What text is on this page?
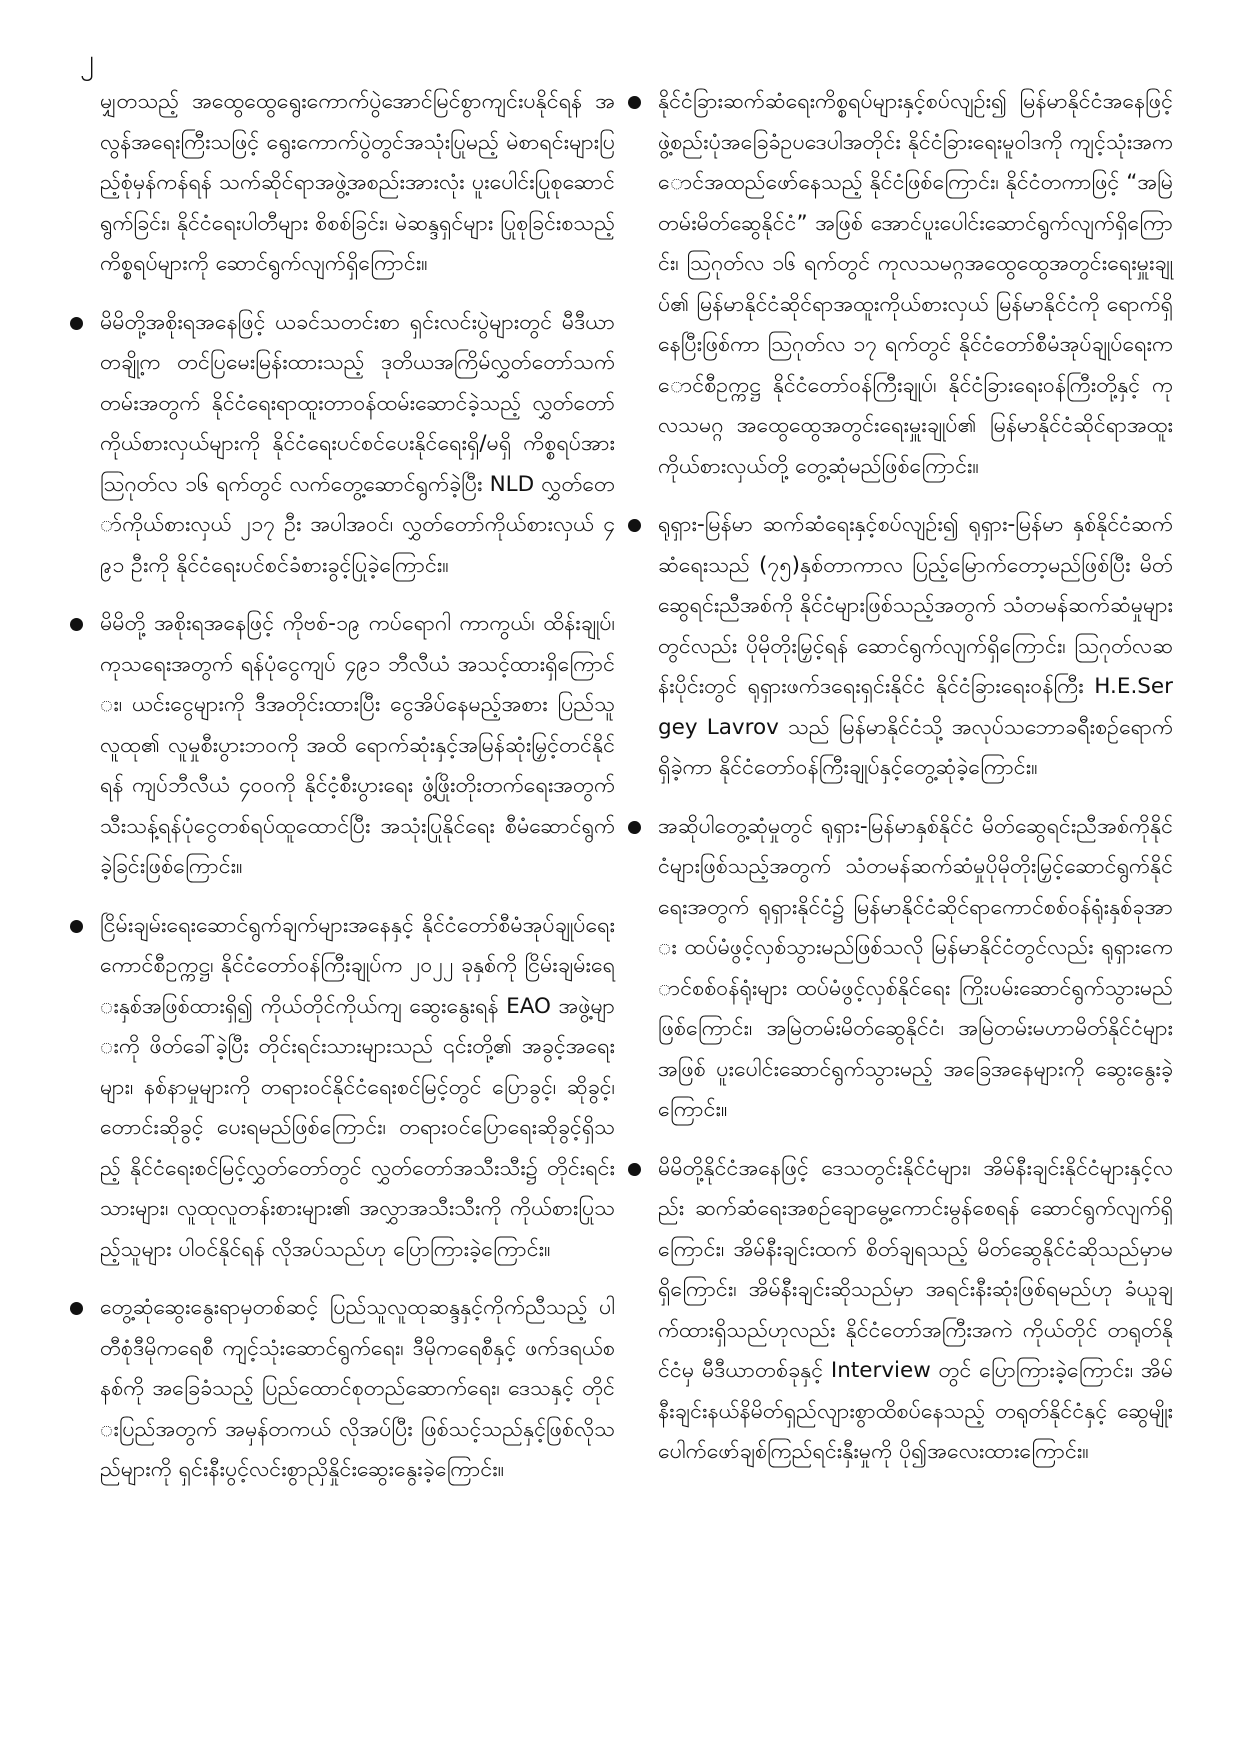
၂
မျှတသည့် အထွေထွေရွေးကောက်ပွဲအောင်မြင်စွာကျင်းပနိုင်ရန် အလွန်အရေးကြီးသဖြင့် ရွေးကောက်ပွဲတွင်အသုံးပြုမည့် မဲစာရင်းများပြည့်စုံမှန်ကန်ရန် သက်ဆိုင်ရာအဖွဲ့အစည်းအားလုံး ပူးပေါင်းပြုစုဆောင်ရွက်ခြင်း၊ နိုင်ငံရေးပါတီများ စိစစ်ခြင်း၊ မဲဆန္ဒရှင်များ ပြုစုခြင်းစသည့်ကိစ္စရပ်များကို ဆောင်ရွက်လျက်ရှိကြောင်း။
မိမိတို့အစိုးရအနေဖြင့် ယခင်သတင်းစာ ရှင်းလင်းပွဲများတွင် မီဒီယာတချို့က တင်ပြမေးမြန်းထားသည့် ဒုတိယအကြိမ်လွှတ်တော်သက်တမ်းအတွက် နိုင်ငံရေးရာထူးတာဝန်ထမ်းဆောင်ခဲ့သည့် လွှတ်တော်ကိုယ်စားလှယ်များကို နိုင်ငံရေးပင်စင်ပေးနိုင်ရေးရှိ/မရှိ ကိစ္စရပ်အား ဩဂုတ်လ ၁၆ ရက်တွင် လက်တွေ့ဆောင်ရွက်ခဲ့ပြီး NLD လွှတ်တော်ကိုယ်စားလှယ် ၂၁၇ ဦး အပါအဝင်၊ လွှတ်တော်ကိုယ်စားလှယ် ၄၉၁ ဦးကို နိုင်ငံရေးပင်စင်ခံစားခွင့်ပြုခဲ့ကြောင်း။
မိမိတို့ အစိုးရအနေဖြင့် ကိုဗစ်-၁၉ ကပ်ရောဂါ ကာကွယ်၊ ထိန်းချုပ်၊ ကုသရေးအတွက် ရန်ပုံငွေကျပ် ၄၉၁ ဘီလီယံ အသင့်ထားရှိကြောင်း၊ ယင်းငွေများကို ဒီအတိုင်းထားပြီး ငွေအိပ်နေမည့်အစား ပြည်သူလူထု၏ လူမှုစီးပွားဘဝကို အထိ ရောက်ဆုံးနှင့်အမြန်ဆုံးမြှင့်တင်နိုင်ရန် ကျပ်ဘီလီယံ ၄၀၀ကို နိုင်ငံ့စီးပွားရေး ဖွံ့ဖြိုးတိုးတက်ရေးအတွက် သီးသန့်ရန်ပုံငွေတစ်ရပ်ထူထောင်ပြီး အသုံးပြုနိုင်ရေး စီမံဆောင်ရွက်ခဲ့ခြင်းဖြစ်ကြောင်း။
ငြိမ်းချမ်းရေးဆောင်ရွက်ချက်များအနေနှင့် နိုင်ငံတော်စီမံအုပ်ချုပ်ရေးကောင်စီဥက္ကဋ္ဌ၊ နိုင်ငံတော်ဝန်ကြီးချုပ်က ၂၀၂၂ ခုနှစ်ကို ငြိမ်းချမ်းရေးနှစ်အဖြစ်ထားရှိ၍ ကိုယ်တိုင်ကိုယ်ကျ ဆွေးနွေးရန် EAO အဖွဲ့များကို ဖိတ်ခေါ်ခဲ့ပြီး တိုင်းရင်းသားများသည် ၎င်းတို့၏ အခွင့်အရေးများ၊ နစ်နာမှုများကို တရားဝင်နိုင်ငံရေးစင်မြင့်တွင် ပြောခွင့်၊ ဆိုခွင့်၊ တောင်းဆိုခွင့် ပေးရမည်ဖြစ်ကြောင်း၊ တရားဝင်ပြောရေးဆိုခွင့်ရှိသည့် နိုင်ငံရေးစင်မြင့်လွှတ်တော်တွင် လွှတ်တော်အသီးသီး၌ တိုင်းရင်းသားများ၊ လူထုလူတန်းစားများ၏ အလွှာအသီးသီးကို ကိုယ်စားပြုသည့်သူများ ပါဝင်နိုင်ရန် လိုအပ်သည်ဟု ပြောကြားခဲ့ကြောင်း။
တွေ့ဆုံဆွေးနွေးရာမှတစ်ဆင့် ပြည်သူလူထုဆန္ဒနှင့်ကိုက်ညီသည့် ပါတီစုံဒီမိုကရေစီ ကျင့်သုံးဆောင်ရွက်ရေး၊ ဒီမိုကရေစီနှင့် ဖက်ဒရယ်စနစ်ကို အခြေခံသည့် ပြည်ထောင်စုတည်ဆောက်ရေး၊ ဒေသနှင့် တိုင်းပြည်အတွက် အမှန်တကယ် လိုအပ်ပြီး ဖြစ်သင့်သည်နှင့်ဖြစ်လိုသည်များကို ရှင်းနီးပွင့်လင်းစွာညှိနှိုင်းဆွေးနွေးခဲ့ကြောင်း။
နိုင်ငံခြားဆက်ဆံရေးကိစ္စရပ်များနှင့်စပ်လျဉ်း၍ မြန်မာနိုင်ငံအနေဖြင့် ဖွဲ့စည်းပုံအခြေခံဥပဒေပါအတိုင်း နိုင်ငံခြားရေးမူဝါဒကို ကျင့်သုံးအကောင်အထည်ဖော်နေသည့် နိုင်ငံဖြစ်ကြောင်း၊ နိုင်ငံတကာဖြင့် “အမြဲတမ်းမိတ်ဆွေနိုင်ငံ” အဖြစ် အောင်ပူးပေါင်းဆောင်ရွက်လျက်ရှိကြောင်း၊ ဩဂုတ်လ ၁၆ ရက်တွင် ကုလသမဂ္ဂအထွေထွေအတွင်းရေးမှူးချုပ်၏ မြန်မာနိုင်ငံဆိုင်ရာအထူးကိုယ်စားလှယ် မြန်မာနိုင်ငံကို ရောက်ရှိနေပြီးဖြစ်ကာ ဩဂုတ်လ ၁၇ ရက်တွင် နိုင်ငံတော်စီမံအုပ်ချုပ်ရေးကောင်စီဥက္ကဋ္ဌ နိုင်ငံတော်ဝန်ကြီးချုပ်၊ နိုင်ငံခြားရေးဝန်ကြီးတို့နှင့် ကုလသမဂ္ဂ အထွေထွေအတွင်းရေးမှူးချုပ်၏ မြန်မာနိုင်ငံဆိုင်ရာအထူးကိုယ်စားလှယ်တို့ တွေ့ဆုံမည်ဖြစ်ကြောင်း။
ရုရှား-မြန်မာ ဆက်ဆံရေးနှင့်စပ်လျဉ်း၍ ရုရှား-မြန်မာ နှစ်နိုင်ငံဆက်ဆံရေးသည် (၇၅)နှစ်တာကာလ ပြည့်မြောက်တော့မည်ဖြစ်ပြီး မိတ်ဆွေရင်းညီအစ်ကို နိုင်ငံများဖြစ်သည့်အတွက် သံတမန်ဆက်ဆံမှုများတွင်လည်း ပိုမိုတိုးမြှင့်ရန် ဆောင်ရွက်လျက်ရှိကြောင်း၊ ဩဂုတ်လဆန်းပိုင်းတွင် ရုရှားဖက်ဒရေးရှင်းနိုင်ငံ နိုင်ငံခြားရေးဝန်ကြီး H.E.Sergey Lavrov သည် မြန်မာနိုင်ငံသို့ အလုပ်သဘောခရီးစဉ်ရောက်ရှိခဲ့ကာ နိုင်ငံတော်ဝန်ကြီးချုပ်နှင့်တွေ့ဆုံခဲ့ကြောင်း။
အဆိုပါတွေ့ဆုံမှုတွင် ရုရှား-မြန်မာနှစ်နိုင်ငံ မိတ်ဆွေရင်းညီအစ်ကိုနိုင်ငံများဖြစ်သည့်အတွက် သံတမန်ဆက်ဆံမှုပိုမိုတိုးမြှင့်ဆောင်ရွက်နိုင်ရေးအတွက် ရုရှားနိုင်ငံ၌ မြန်မာနိုင်ငံဆိုင်ရာကောင်စစ်ဝန်ရုံးနှစ်ခုအား ထပ်မံဖွင့်လှစ်သွားမည်ဖြစ်သလို မြန်မာနိုင်ငံတွင်လည်း ရုရှားကောင်စစ်ဝန်ရုံးများ ထပ်မံဖွင့်လှစ်နိုင်ရေး ကြိုးပမ်းဆောင်ရွက်သွားမည်ဖြစ်ကြောင်း၊ အမြဲတမ်းမိတ်ဆွေနိုင်ငံ၊ အမြဲတမ်းမဟာမိတ်နိုင်ငံများအဖြစ် ပူးပေါင်းဆောင်ရွက်သွားမည့် အခြေအနေများကို ဆွေးနွေးခဲ့ကြောင်း။
မိမိတို့နိုင်ငံအနေဖြင့် ဒေသတွင်းနိုင်ငံများ၊ အိမ်နီးချင်းနိုင်ငံများနှင့်လည်း ဆက်ဆံရေးအစဉ်ချောမွေ့ကောင်းမွန်စေရန် ဆောင်ရွက်လျက်ရှိကြောင်း၊ အိမ်နီးချင်းထက် စိတ်ချရသည့် မိတ်ဆွေနိုင်ငံဆိုသည်မှာမရှိကြောင်း၊ အိမ်နီးချင်းဆိုသည်မှာ အရင်းနီးဆုံးဖြစ်ရမည်ဟု ခံယူချက်ထားရှိသည်ဟုလည်း နိုင်ငံတော်အကြီးအကဲ ကိုယ်တိုင် တရုတ်နိုင်ငံမှ မီဒီယာတစ်ခုနှင့် Interview တွင် ပြောကြားခဲ့ကြောင်း၊ အိမ်နီးချင်းနယ်နိမိတ်ရှည်လျားစွာထိစပ်နေသည့် တရုတ်နိုင်ငံနှင့် ဆွေမျိုးပေါက်ဖော်ချစ်ကြည်ရင်းနှီးမှုကို ပို၍အလေးထားကြောင်း။
